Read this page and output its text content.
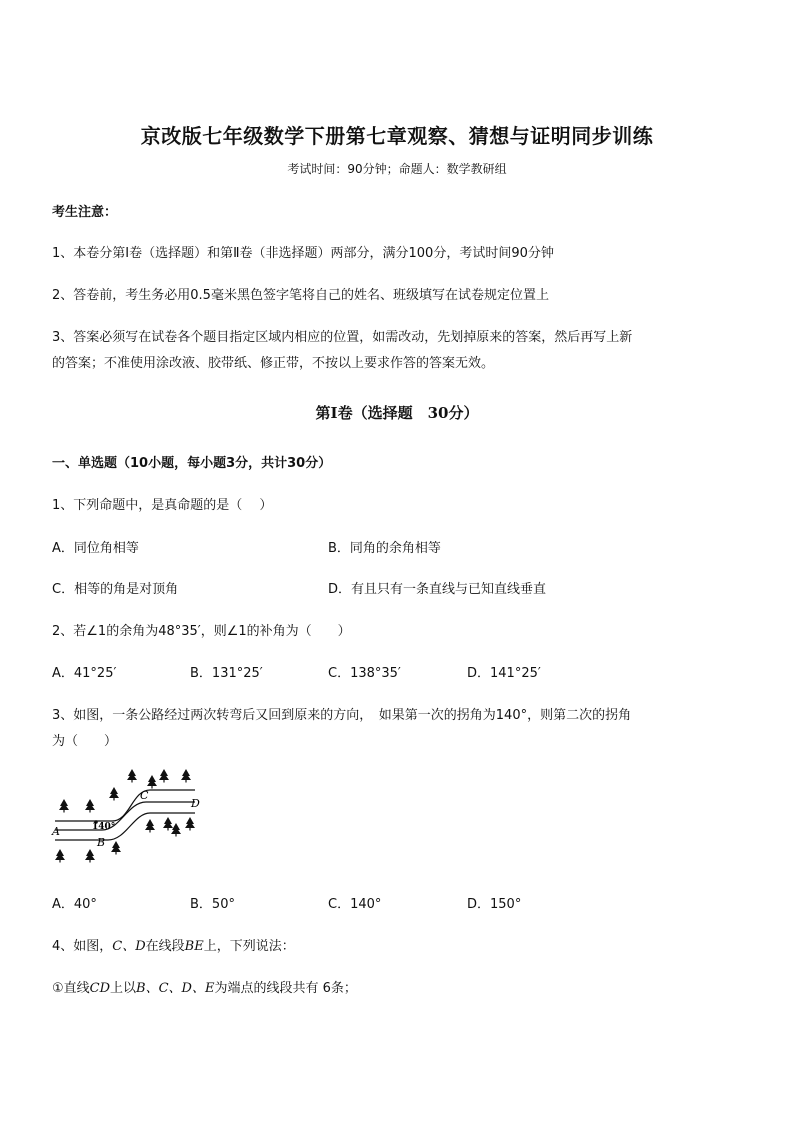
京改版七年级数学下册第七章观察、猜想与证明同步训练
考试时间：90分钟；命题人：数学教研组
考生注意：
1、本卷分第Ⅰ卷（选择题）和第Ⅱ卷（非选择题）两部分，满分100分，考试时间90分钟
2、答卷前，考生务必用0.5毫米黑色签字笔将自己的姓名、班级填写在试卷规定位置上
3、答案必须写在试卷各个题目指定区域内相应的位置，如需改动，先划掉原来的答案，然后再写上新
的答案；不准使用涂改液、胶带纸、修正带，不按以上要求作答的答案无效。
第Ⅰ卷（选择题　30分）
一、单选题（10小题，每小题3分，共计30分）
1、下列命题中，是真命题的是（　 ）
A．同位角相等	B．同角的余角相等
C．相等的角是对顶角	D．有且只有一条直线与已知直线垂直
2、若∠1的余角为48°35′，则∠1的补角为（　　）
A．41°25′	B．131°25′	C．138°35′	D．141°25′
3、如图，一条公路经过两次转弯后又回到原来的方向，　如果第一次的拐角为140°，则第二次的拐角
为（　　）
A
B
C
D
140°
A．40°	B．50°	C．140°	D．150°
4、如图，C、D在线段BE上，下列说法：
①直线CD上以B、C、D、E为端点的线段共有 6条；
